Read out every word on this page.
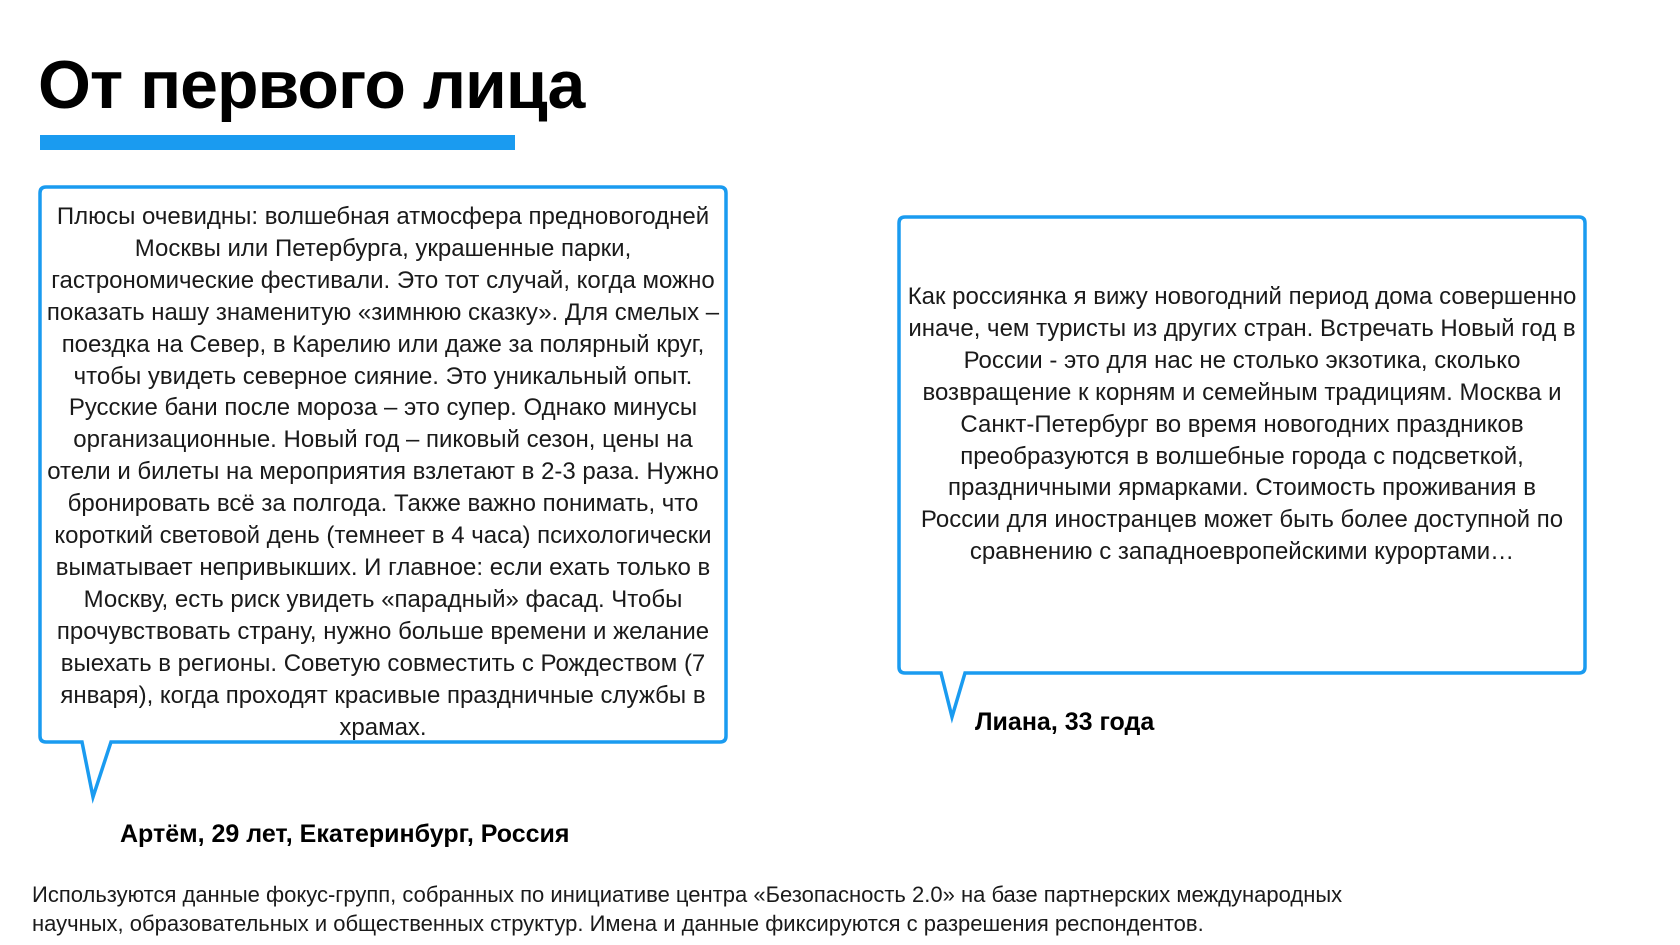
От первого лица
Плюсы очевидны: волшебная атмосфера предновогодней Москвы или Петербурга, украшенные парки, гастрономические фестивали. Это тот случай, когда можно показать нашу знаменитую «зимнюю сказку». Для смелых – поездка на Север, в Карелию или даже за полярный круг, чтобы увидеть северное сияние. Это уникальный опыт. Русские бани после мороза – это супер. Однако минусы организационные. Новый год – пиковый сезон, цены на отели и билеты на мероприятия взлетают в 2-3 раза. Нужно бронировать всё за полгода. Также важно понимать, что короткий световой день (темнеет в 4 часа) психологически выматывает непривыкших. И главное: если ехать только в Москву, есть риск увидеть «парадный» фасад. Чтобы прочувствовать страну, нужно больше времени и желание выехать в регионы. Советую совместить с Рождеством (7 января), когда проходят красивые праздничные службы в храмах.
Артём, 29 лет, Екатеринбург, Россия
Как россиянка я вижу новогодний период дома совершенно иначе, чем туристы из других стран. Встречать Новый год в России - это для нас не столько экзотика, сколько возвращение к корням и семейным традициям. Москва и Санкт-Петербург во время новогодних праздников преобразуются в волшебные города с подсветкой, праздничными ярмарками. Стоимость проживания в России для иностранцев может быть более доступной по сравнению с западноевропейскими курортами…
Лиана, 33 года
Используются данные фокус-групп, собранных по инициативе центра «Безопасность 2.0» на базе партнерских международных
научных, образовательных и общественных структур. Имена и данные фиксируются с разрешения респондентов.
